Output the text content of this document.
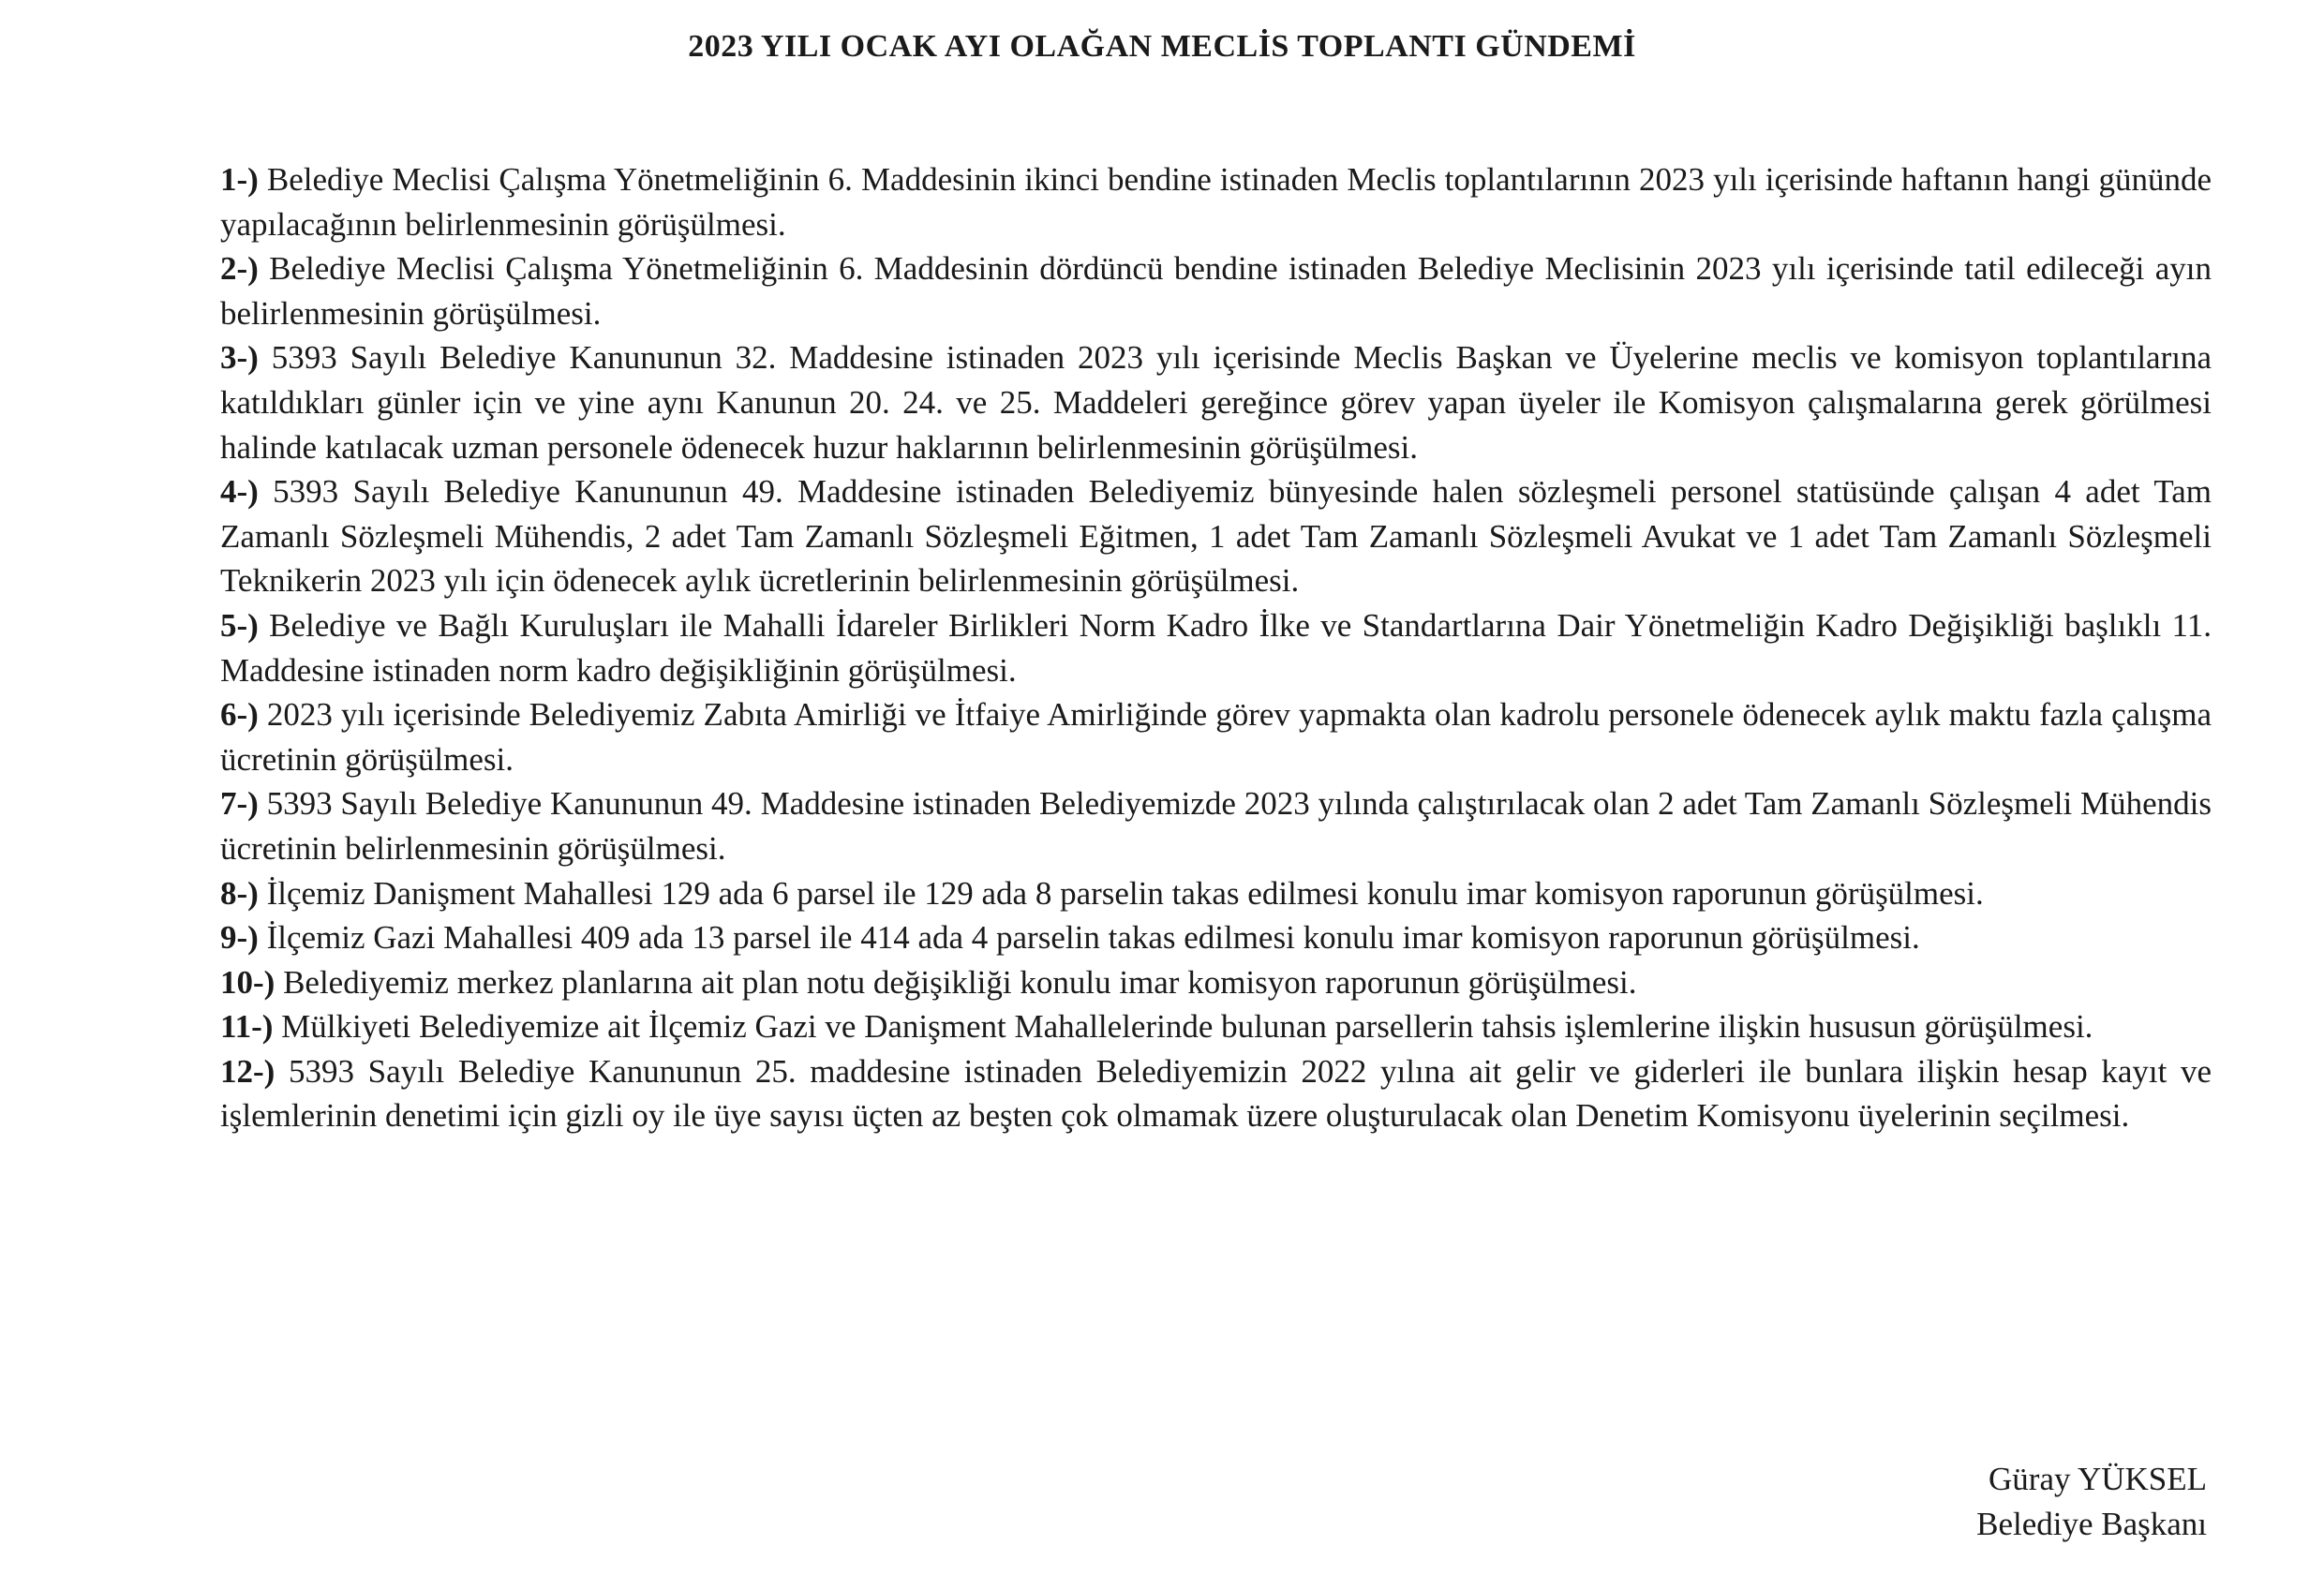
2023 YILI OCAK AYI OLAĞAN MECLİS TOPLANTI GÜNDEMİ

1-) Belediye Meclisi Çalışma Yönetmeliğinin 6. Maddesinin ikinci bendine istinaden Meclis toplantılarının 2023 yılı içerisinde haftanın hangi gününde yapılacağının belirlenmesinin görüşülmesi.

2-) Belediye Meclisi Çalışma Yönetmeliğinin 6. Maddesinin dördüncü bendine istinaden Belediye Meclisinin 2023 yılı içerisinde tatil edileceği ayın belirlenmesinin görüşülmesi.

3-) 5393 Sayılı Belediye Kanununun 32. Maddesine istinaden 2023 yılı içerisinde Meclis Başkan ve Üyelerine meclis ve komisyon toplantılarına katıldıkları günler için ve yine aynı Kanunun 20. 24. ve 25. Maddeleri gereğince görev yapan üyeler ile Komisyon çalışmalarına gerek görülmesi halinde katılacak uzman personele ödenecek huzur haklarının belirlenmesinin görüşülmesi.

4-) 5393 Sayılı Belediye Kanununun 49. Maddesine istinaden Belediyemiz bünyesinde halen sözleşmeli personel statüsünde çalışan 4 adet Tam Zamanlı Sözleşmeli Mühendis, 2 adet Tam Zamanlı Sözleşmeli Eğitmen, 1 adet Tam Zamanlı Sözleşmeli Avukat ve 1 adet Tam Zamanlı Sözleşmeli Teknikerin 2023 yılı için ödenecek aylık ücretlerinin belirlenmesinin görüşülmesi.

5-) Belediye ve Bağlı Kuruluşları ile Mahalli İdareler Birlikleri Norm Kadro İlke ve Standartlarına Dair Yönetmeliğin Kadro Değişikliği başlıklı 11. Maddesine istinaden norm kadro değişikliğinin görüşülmesi.

6-) 2023 yılı içerisinde Belediyemiz Zabıta Amirliği ve İtfaiye Amirliğinde görev yapmakta olan kadrolu personele ödenecek aylık maktu fazla çalışma ücretinin görüşülmesi.

7-) 5393 Sayılı Belediye Kanununun 49. Maddesine istinaden Belediyemizde 2023 yılında çalıştırılacak olan 2 adet Tam Zamanlı Sözleşmeli Mühendis ücretinin belirlenmesinin görüşülmesi.

8-) İlçemiz Danişment Mahallesi 129 ada 6 parsel ile 129 ada 8 parselin takas edilmesi konulu imar komisyon raporunun görüşülmesi.

9-) İlçemiz Gazi Mahallesi 409 ada 13 parsel ile 414 ada 4 parselin takas edilmesi konulu imar komisyon raporunun görüşülmesi.

10-) Belediyemiz merkez planlarına ait plan notu değişikliği konulu imar komisyon raporunun görüşülmesi.

11-) Mülkiyeti Belediyemize ait İlçemiz Gazi ve Danişment Mahallelerinde bulunan parsellerin tahsis işlemlerine ilişkin hususun görüşülmesi.

12-) 5393 Sayılı Belediye Kanununun 25. maddesine istinaden Belediyemizin 2022 yılına ait gelir ve giderleri ile bunlara ilişkin hesap kayıt ve işlemlerinin denetimi için gizli oy ile üye sayısı üçten az beşten çok olmamak üzere oluşturulacak olan Denetim Komisyonu üyelerinin seçilmesi.

Güray YÜKSEL
Belediye Başkanı
